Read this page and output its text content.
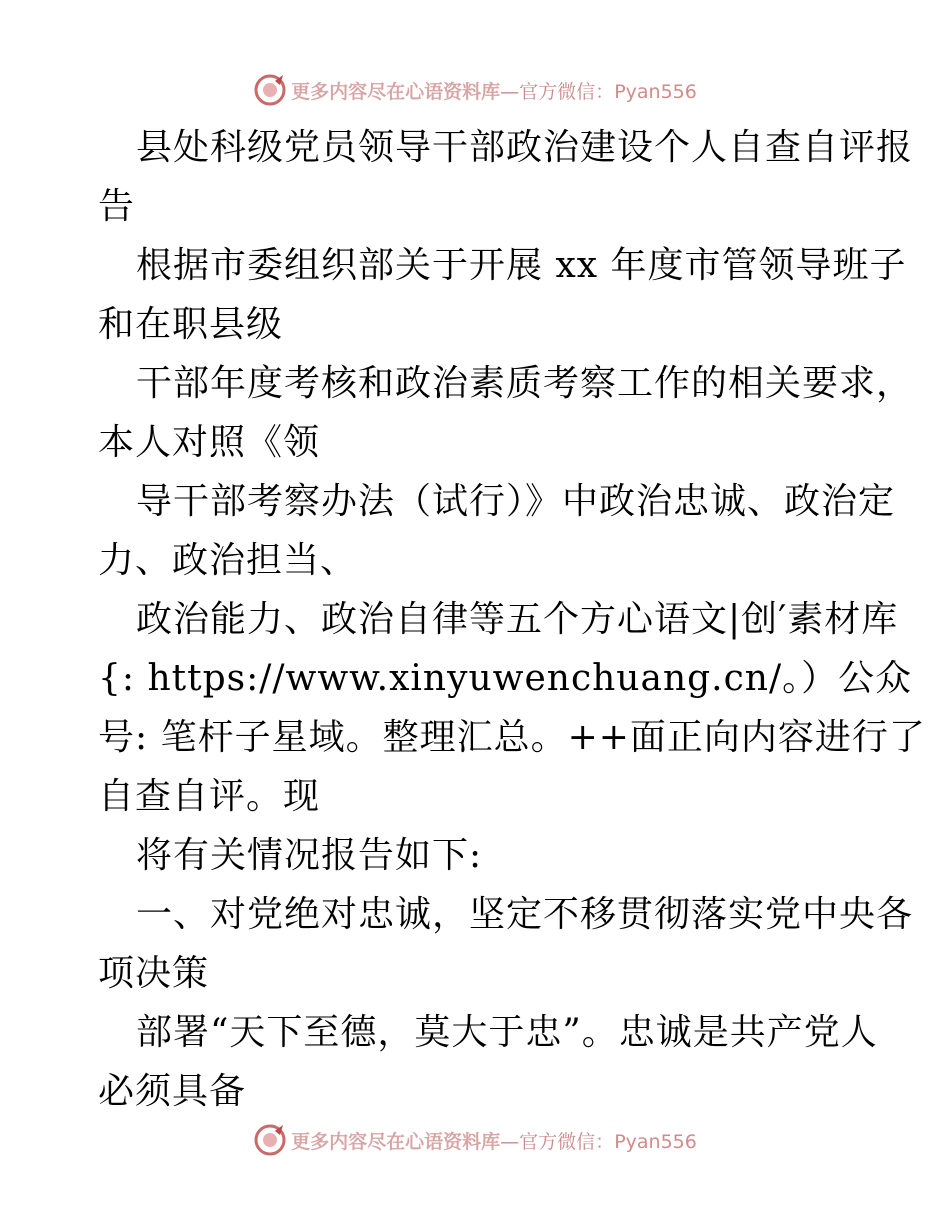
更多内容尽在心语资料库—官方微信：Pyan556
县处科级党员领导干部政治建设个人自查自评报
告
根据市委组织部关于开展 xx 年度市管领导班子
和在职县级
干部年度考核和政治素质考察工作的相关要求，
本人对照《领
导干部考察办法（试行）》中政治忠诚、政治定
力、政治担当、
政治能力、政治自律等五个方心语文|创′素材库
{: https://www.xinyuwenchuang.cn/。）公众
号: 笔杆子星域。整理汇总。++面正向内容进行了
自查自评。现
将有关情况报告如下:
一、对党绝对忠诚，坚定不移贯彻落实党中央各
项决策
部署“天下至德，莫大于忠”。忠诚是共产党人
必须具备
更多内容尽在心语资料库—官方微信：Pyan556
